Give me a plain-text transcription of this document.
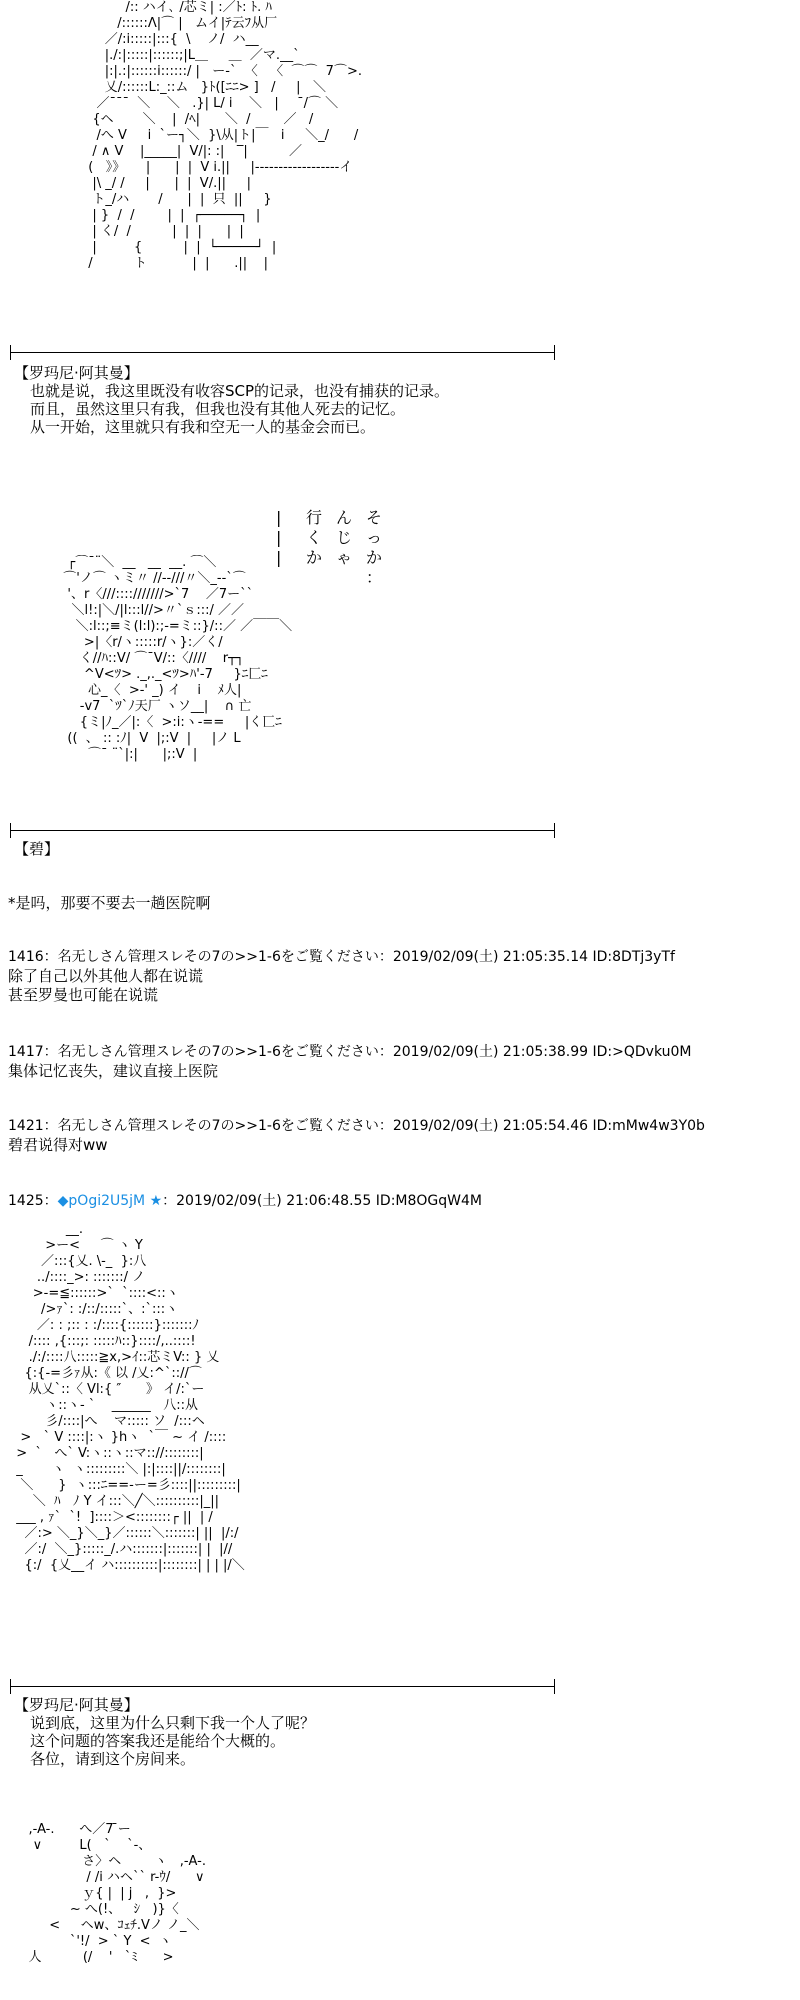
/:: ハイ､ /芯ミ| :／ﾄ: ﾄ. ﾊ
/::::::Λ|⌒ |   ムイ|ﾃ云ﾌ从厂
／/:i:::::|:::{  \    ノ/  ハ__
|./:|:::::|::::::;|L＿     ＿  ／マ.__`
|:|.:|::::::i::::::/ |   ー-`  〈   〈  ⌒⌒  7⌒>.
乂/::::::L:_::ム   }ﾄ([ﾆﾆ> ]   /     |   ＼
／¯¯¯  ＼    ＼   .}| L/ i    ＼   |      ̄/⌒ ＼
{ヘ       ＼    |  /ﾍ|      ＼  /        ／   /
/へ V     i  `ー┐＼  }\从|ト|￣   i     ＼_/      /
/ ∧ V    |_____|  V/|: :|   ‾|          ／
(   》》     |      |  |  V i.||     |------------------イ
|\ _/ /     |      |  |  V/.||     |
ト_/ハ       /      |  |  只  ||     }
| }  /  /        |  |  ┌─────┐  |
| く/  /          |  |  |      |  |
|         {          |  |  └─────┘  |
/          ト           |  |      .||    |
【罗玛尼·阿其曼】
也就是说，我这里既没有收容SCP的记录，也没有捕获的记录。
而且，虽然这里只有我，但我也没有其他人死去的记忆。
从一开始，这里就只有我和空无一人的基金会而已。
|
|
|
行
く
か
ん
じ
ゃ
そ
っ
か
：
┌⌒¯¨＼  __   __  __. ⌒＼
⌒'ノ⌒ ヽミ〃 //--///〃＼_--`⌒
'、r〈///::::///////>`7    ／7ー``
＼l!:|＼/|l:::l//>〃`ｓ:::/ ／／
＼:l::;≡ミ(l:l):;-=ミ::}/::／ ／￣￣＼
>|〈r/ヽ:::::r/ヽ}:／く/
く//ﾊ::V/ ⌒¯V/::〈////    r┬┐
^V<ﾂ> ._,._<ﾂ>ﾊ'-7     }ﾆ匚ﾆ
心_〈  >-' _) イ    i    ﾒ人|
-v7  `ﾂ`ﾉ天厂 ヽソ__|    ∩ 亡
{ミ|ﾉ_／|:〈  >:i:ヽ-==     |く匸ﾆ
((  、 :: :ﾉ|  V  |;:V  |     |ノ L
⌒¯ ¨`|:|      |;:V  |
【碧】
*是吗，那要不要去一趟医院啊
1416：名无しさん管理スレその7の>>1-6をご覧ください：2019/02/09(土) 21:05:35.14 ID:8DTj3yTf
除了自己以外其他人都在说谎
甚至罗曼也可能在说谎
1417：名无しさん管理スレその7の>>1-6をご覧ください：2019/02/09(土) 21:05:38.99 ID:>QDvku0M
集体记忆丧失，建议直接上医院
1421：名无しさん管理スレその7の>>1-6をご覧ください：2019/02/09(土) 21:05:54.46 ID:mMw4w3Y0b
碧君说得对ww
1425：◆pOgi2U5jM ★：2019/02/09(土) 21:06:48.55 ID:M8OGqW4M
__.
>ー<     ⌒ ヽ Y
／:::{乂. \-_  }:八
../::::_>: :::::::/ ノ
>-=≦::::::>`  `::::<::ヽ
/>ｧ`: :/::/:::::`、:`:::ヽ
／: : ;:: : :/::::{::::::}:::::::ﾉ
/:::: ,{:::;: :::::ﾊ::}::::/,..::::!
./:/::::八:::::≧x,>ｲ::芯ミV:: } 乂
{:{-=彡ｧ从:《 以 /乂:^`:://⌒
从乂`::〈 Vl:{ ″      》 イ/:`ー
ヽ::ヽ- `    ______   八::从
彡/::::|へ    マ::::: ソ  /:::ヘ
>   ` V ::::|:ヽ }hヽ  `￣ ~ イ /::::
>  `   へ` V:ヽ::ヽ::マ:://::::::::|
_       ヽ  ヽ:::::::::＼ |:|::::||/::::::::|
＼      }  ヽ:::ﾆ==-ー=彡::::||:::::::::|
＼  ﾊ   ﾉ Y イ:::＼╱＼::::::::::|_||
___ , ｧ`  `!  ]::::＞<::::::::┌ ||  | /
／:> ＼_}＼_}／::::::＼:::::::| ||  |/:/
／:/  ＼_}:::::_/.ハ:::::::|:::::::| |  |//
{:/  {乂__イ ハ::::::::::|::::::::| | | |/＼
【罗玛尼·阿其曼】
说到底，这里为什么只剩下我一个人了呢？
这个问题的答案我还是能给个大概的。
各位，请到这个房间来。
,-A-.      へ／7 ̄ー
∨         L(   `    `-、
さ〉ヘ        ヽ   ,-A-.
/ /i ハヘ`` r-ｳ/      ∨
ｙ{ |  | j   ,  }>
~ へ(!、   ｼ   )}〈
<     ヘw、ｺｪﾁ.Vノ ノ_＼
`'!/  > ` Y  <  ヽ
人          (/    '   `ﾐ      >
